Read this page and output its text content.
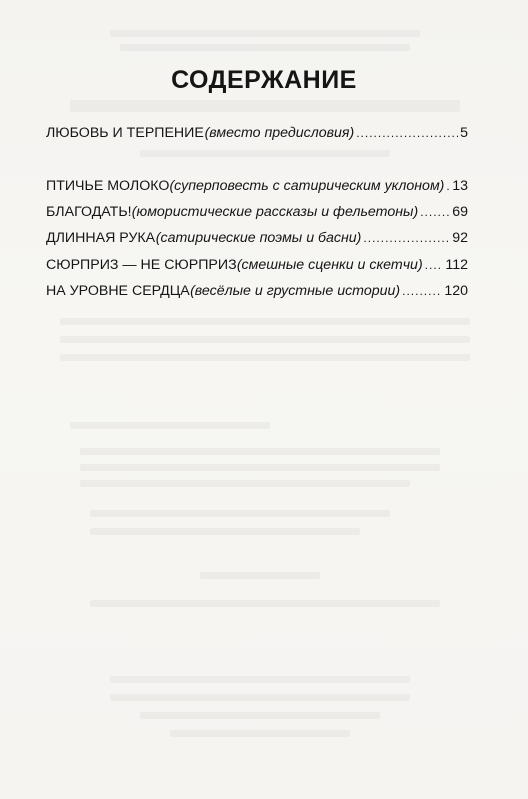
СОДЕРЖАНИЕ
ЛЮБОВЬ И ТЕРПЕНИЕ (вместо предисловия) .....	5
ПТИЧЬЕ МОЛОКО (суперповесть с сатирическим уклоном) ..... 13
БЛАГОДАТЬ! (юмористические рассказы и фельетоны) ..... 69
ДЛИННАЯ РУКА (сатирические поэмы и басни) .....	92
СЮРПРИЗ — НЕ СЮРПРИЗ (смешные сценки и скетчи) ..... 112
НА УРОВНЕ СЕРДЦА (весёлые и грустные истории) .....	120
